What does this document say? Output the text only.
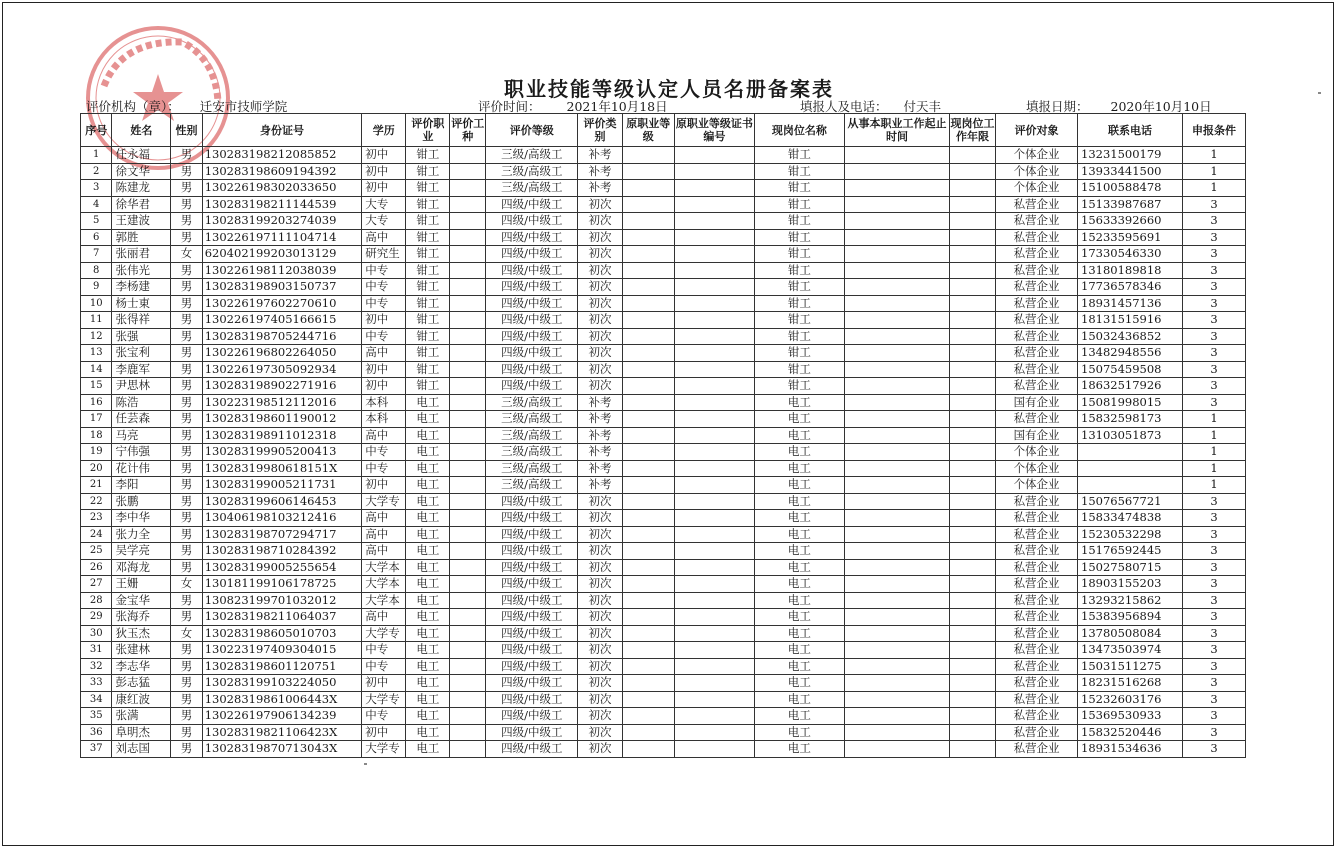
职业技能等级认定人员名册备案表
评价机构（章）： 迁安市技师学院	评价时间： 2021年10月18日	填报人及电话： 付天丰	填报日期： 2020年10月10日
序号	姓名	性别	身份证号	学历	评价职业	评价工种	评价等级	评价类别	原职业等级	原职业等级证书编号	现岗位名称	从事本职业工作起止时间	现岗位工作年限	评价对象	联系电话	申报条件
1	任永福	男	130283198212085852	初中	钳工		三级/高级工	补考			钳工			个体企业	13231500179	1
2	徐文华	男	130283198609194392	初中	钳工		三级/高级工	补考			钳工			个体企业	13933441500	1
3	陈建龙	男	130226198302033650	初中	钳工		三级/高级工	补考			钳工			个体企业	15100588478	1
4	徐华君	男	130283198211144539	大专	钳工		四级/中级工	初次			钳工			私营企业	15133987687	3
5	王建波	男	130283199203274039	大专	钳工		四级/中级工	初次			钳工			私营企业	15633392660	3
6	郭胜	男	130226197111104714	高中	钳工		四级/中级工	初次			钳工			私营企业	15233595691	3
7	张丽君	女	620402199203013129	研究生	钳工		四级/中级工	初次			钳工			私营企业	17330546330	3
8	张伟光	男	130226198112038039	中专	钳工		四级/中级工	初次			钳工			私营企业	13180189818	3
9	李杨建	男	130283198903150737	中专	钳工		四级/中级工	初次			钳工			私营企业	17736578346	3
10	杨士東	男	130226197602270610	中专	钳工		四级/中级工	初次			钳工			私营企业	18931457136	3
11	张得祥	男	130226197405166615	初中	钳工		四级/中级工	初次			钳工			私营企业	18131515916	3
12	张强	男	130283198705244716	中专	钳工		四级/中级工	初次			钳工			私营企业	15032436852	3
13	张宝利	男	130226196802264050	高中	钳工		四级/中级工	初次			钳工			私营企业	13482948556	3
14	李鹿军	男	130226197305092934	初中	钳工		四级/中级工	初次			钳工			私营企业	15075459508	3
15	尹思林	男	130283198902271916	初中	钳工		四级/中级工	初次			钳工			私营企业	18632517926	3
16	陈浩	男	130223198512112016	本科	电工		三级/高级工	补考			电工			国有企业	15081998015	3
17	任芸森	男	130283198601190012	本科	电工		三级/高级工	补考			电工			私营企业	15832598173	1
18	马亮	男	130283198911012318	高中	电工		三级/高级工	补考			电工			国有企业	13103051873	1
19	宁伟强	男	130283199905200413	中专	电工		三级/高级工	补考			电工			个体企业		1
20	花计伟	男	13028319980618151X	中专	电工		三级/高级工	补考			电工			个体企业		1
21	李阳	男	130283199005211731	初中	电工		三级/高级工	补考			电工			个体企业		1
22	张鹏	男	130283199606146453	大学专	电工		四级/中级工	初次			电工			私营企业	15076567721	3
23	李中华	男	130406198103212416	高中	电工		四级/中级工	初次			电工			私营企业	15833474838	3
24	张力全	男	130283198707294717	高中	电工		四级/中级工	初次			电工			私营企业	15230532298	3
25	吴学亮	男	130283198710284392	高中	电工		四级/中级工	初次			电工			私营企业	15176592445	3
26	邓海龙	男	130283199005255654	大学本	电工		四级/中级工	初次			电工			私营企业	15027580715	3
27	王姗	女	130181199106178725	大学本	电工		四级/中级工	初次			电工			私营企业	18903155203	3
28	金宝华	男	130823199701032012	大学本	电工		四级/中级工	初次			电工			私营企业	13293215862	3
29	张海乔	男	130283198211064037	高中	电工		四级/中级工	初次			电工			私营企业	15383956894	3
30	狄玉杰	女	130283198605010703	大学专	电工		四级/中级工	初次			电工			私营企业	13780508084	3
31	张建林	男	130223197409304015	中专	电工		四级/中级工	初次			电工			私营企业	13473503974	3
32	李志华	男	130283198601120751	中专	电工		四级/中级工	初次			电工			私营企业	15031511275	3
33	彭志猛	男	130283199103224050	初中	电工		四级/中级工	初次			电工			私营企业	18231516268	3
34	康红波	男	13028319861006443X	大学专	电工		四级/中级工	初次			电工			私营企业	15232603176	3
35	张满	男	130226197906134239	中专	电工		四级/中级工	初次			电工			私营企业	15369530933	3
36	阜明杰	男	13028319821106423X	初中	电工		四级/中级工	初次			电工			私营企业	15832520446	3
37	刘志国	男	13028319870713043X	大学专	电工		四级/中级工	初次			电工			私营企业	18931534636	3
